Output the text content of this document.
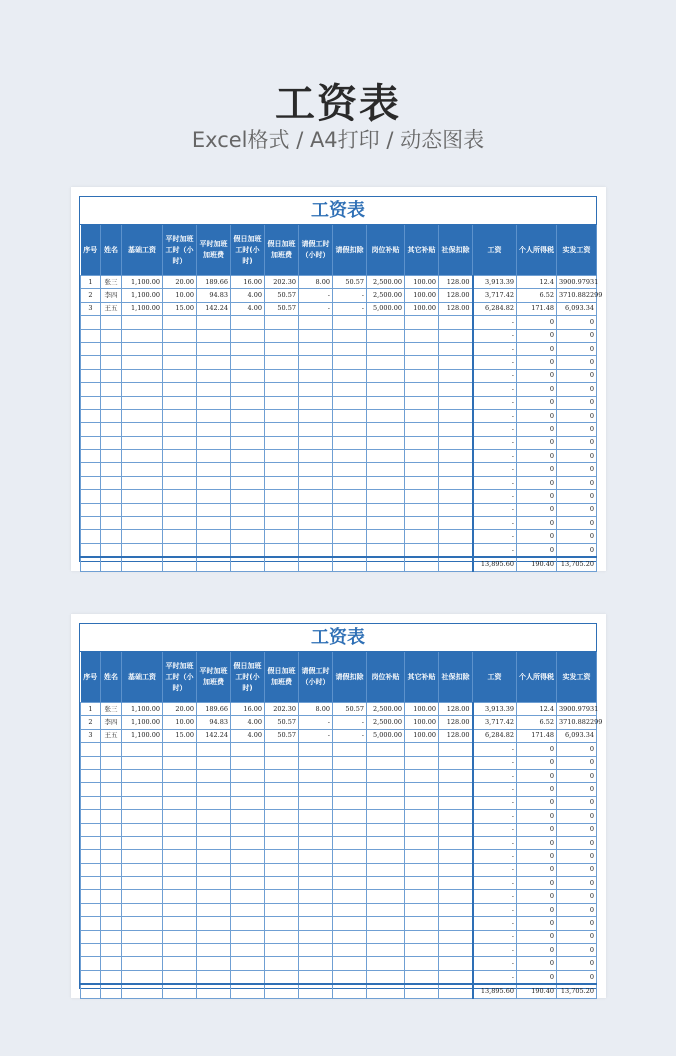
工资表
Excel格式 / A4打印 / 动态图表
工资表
序号	姓名	基础工资	平时加班工时（小时）	平时加班加班费	假日加班工时(小时)	假日加班加班费	请假工时（小时）	请假扣除	岗位补贴	其它补贴	社保扣除	工资	个人所得税	实发工资
1	张三	1,100.00	20.00	189.66	16.00	202.30	8.00	50.57	2,500.00	100.00	128.00	3,913.39	12.4	3900.97931
2	李四	1,100.00	10.00	94.83	4.00	50.57	-	-	2,500.00	100.00	128.00	3,717.42	6.52	3710.882299
3	王五	1,100.00	15.00	142.24	4.00	50.57	-	-	5,000.00	100.00	128.00	6,284.82	171.48	6,093.34
												-	0	0
												-	0	0
												-	0	0
												-	0	0
												-	0	0
												-	0	0
												-	0	0
												-	0	0
												-	0	0
												-	0	0
												-	0	0
												-	0	0
												-	0	0
												-	0	0
												-	0	0
												-	0	0
												-	0	0
												-	0	0
												13,895.60	190.40	13,705.20
工资表
序号	姓名	基础工资	平时加班工时（小时）	平时加班加班费	假日加班工时(小时)	假日加班加班费	请假工时（小时）	请假扣除	岗位补贴	其它补贴	社保扣除	工资	个人所得税	实发工资
1	张三	1,100.00	20.00	189.66	16.00	202.30	8.00	50.57	2,500.00	100.00	128.00	3,913.39	12.4	3900.97931
2	李四	1,100.00	10.00	94.83	4.00	50.57	-	-	2,500.00	100.00	128.00	3,717.42	6.52	3710.882299
3	王五	1,100.00	15.00	142.24	4.00	50.57	-	-	5,000.00	100.00	128.00	6,284.82	171.48	6,093.34
												-	0	0
												-	0	0
												-	0	0
												-	0	0
												-	0	0
												-	0	0
												-	0	0
												-	0	0
												-	0	0
												-	0	0
												-	0	0
												-	0	0
												-	0	0
												-	0	0
												-	0	0
												-	0	0
												-	0	0
												-	0	0
												13,895.60	190.40	13,705.20
